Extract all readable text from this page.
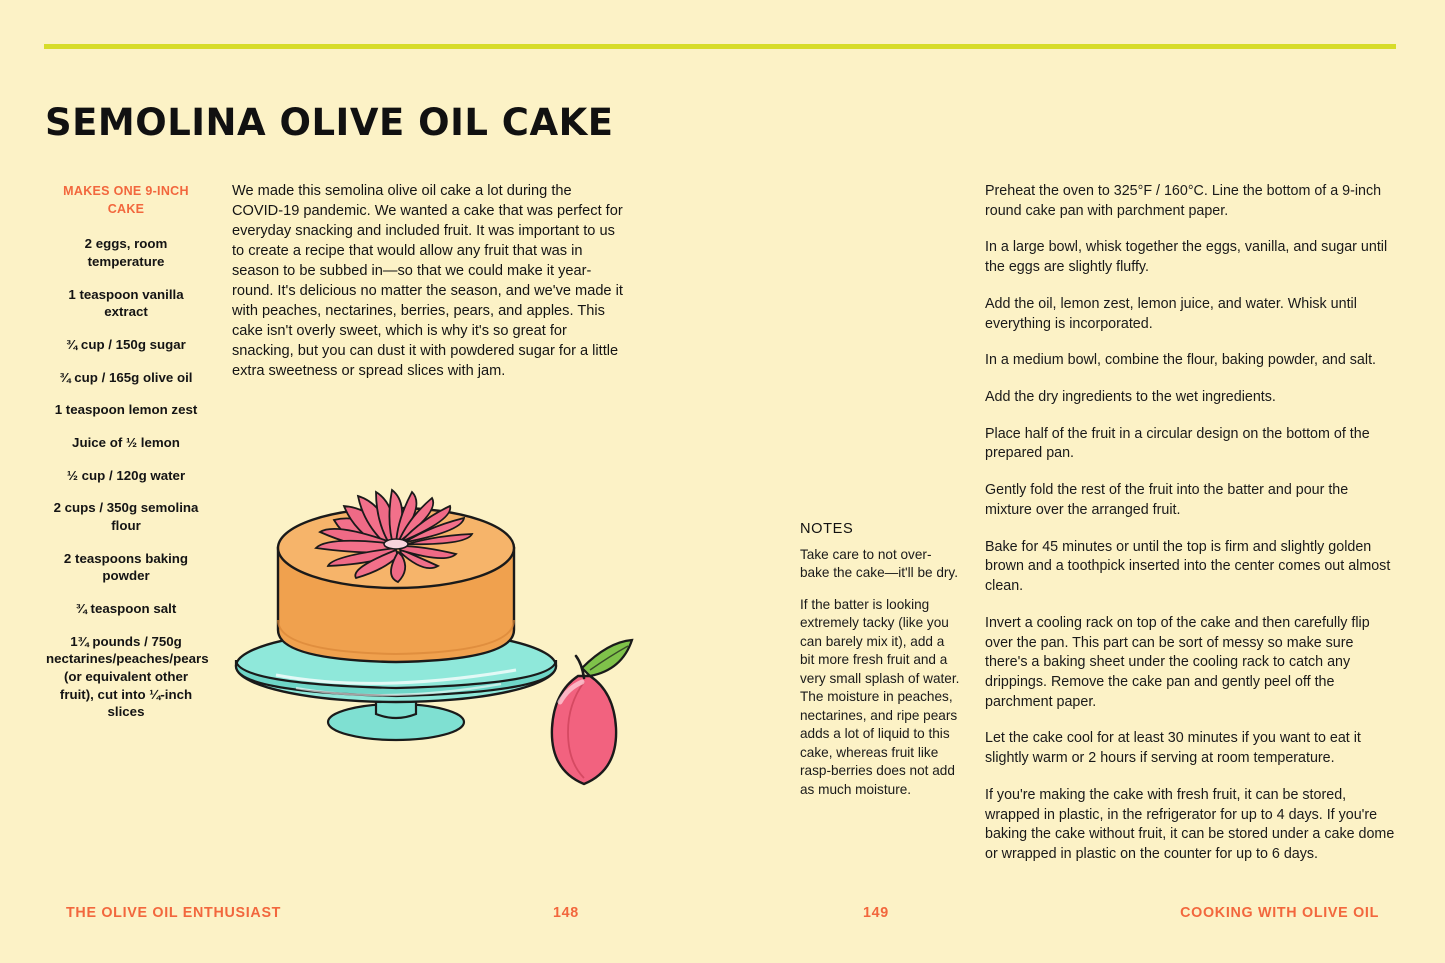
SEMOLINA OLIVE OIL CAKE
MAKES ONE 9-INCH CAKE
2 eggs, room temperature
1 teaspoon vanilla extract
¾ cup / 150g sugar
¾ cup / 165g olive oil
1 teaspoon lemon zest
Juice of ½ lemon
½ cup / 120g water
2 cups / 350g semolina flour
2 teaspoons baking powder
¾ teaspoon salt
1¾ pounds / 750g nectarines/peaches/pears (or equivalent other fruit), cut into ¼-inch slices
We made this semolina olive oil cake a lot during the COVID-19 pandemic. We wanted a cake that was perfect for everyday snacking and included fruit. It was important to us to create a recipe that would allow any fruit that was in season to be subbed in—so that we could make it year-round. It's delicious no matter the season, and we've made it with peaches, nectarines, berries, pears, and apples. This cake isn't overly sweet, which is why it's so great for snacking, but you can dust it with powdered sugar for a little extra sweetness or spread slices with jam.
NOTES

Take care to not over-bake the cake—it'll be dry.

If the batter is looking extremely tacky (like you can barely mix it), add a bit more fresh fruit and a very small splash of water. The moisture in peaches, nectarines, and ripe pears adds a lot of liquid to this cake, whereas fruit like rasp-berries does not add as much moisture.

Preheat the oven to 325°F / 160°C. Line the bottom of a 9-inch round cake pan with parchment paper.

In a large bowl, whisk together the eggs, vanilla, and sugar until the eggs are slightly fluffy.

Add the oil, lemon zest, lemon juice, and water. Whisk until everything is incorporated.

In a medium bowl, combine the flour, baking powder, and salt.

Add the dry ingredients to the wet ingredients.

Place half of the fruit in a circular design on the bottom of the prepared pan.

Gently fold the rest of the fruit into the batter and pour the mixture over the arranged fruit.

Bake for 45 minutes or until the top is firm and slightly golden brown and a toothpick inserted into the center comes out almost clean.

Invert a cooling rack on top of the cake and then carefully flip over the pan. This part can be sort of messy so make sure there's a baking sheet under the cooling rack to catch any drippings. Remove the cake pan and gently peel off the parchment paper.

Let the cake cool for at least 30 minutes if you want to eat it slightly warm or 2 hours if serving at room temperature.

If you're making the cake with fresh fruit, it can be stored, wrapped in plastic, in the refrigerator for up to 4 days. If you're baking the cake without fruit, it can be stored under a cake dome or wrapped in plastic on the counter for up to 6 days.

THE OLIVE OIL ENTHUSIAST	148	149	COOKING WITH OLIVE OIL
